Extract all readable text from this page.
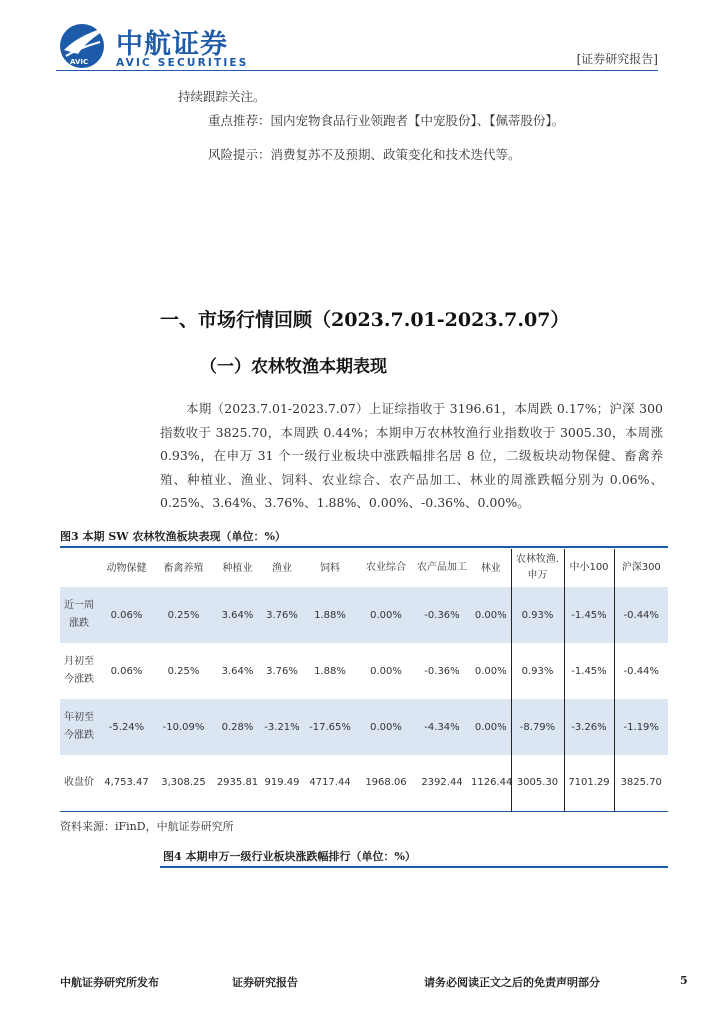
AVIC
中航证券
AVIC SECURITIES	[证券研究报告]
持续跟踪关注。
重点推荐：国内宠物食品行业领跑者【中宠股份】、【佩蒂股份】。
风险提示：消费复苏不及预期、政策变化和技术迭代等。
一、市场行情回顾（2023.7.01-2023.7.07）
（一）农林牧渔本期表现
本期（2023.7.01-2023.7.07）上证综指收于 3196.61，本周跌 0.17%；沪深 300 指数收于 3825.70，本周跌 0.44%；本期申万农林牧渔行业指数收于 3005.30，本周涨 0.93%，在申万 31 个一级行业板块中涨跌幅排名居 8 位，二级板块动物保健、畜禽养殖、种植业、渔业、饲料、农业综合、农产品加工、林业的周涨跌幅分别为 0.06%、0.25%、3.64%、3.76%、1.88%、0.00%、-0.36%、0.00%。
图3 本期 SW 农林牧渔板块表现（单位：%）
	动物保健	畜禽养殖	种植业	渔业	饲料	农业综合	农产品加工	林业	农林牧渔.申万	中小100	沪深300
近一周涨跌	0.06%	0.25%	3.64%	3.76%	1.88%	0.00%	-0.36%	0.00%	0.93%	-1.45%	-0.44%
月初至今涨跌	0.06%	0.25%	3.64%	3.76%	1.88%	0.00%	-0.36%	0.00%	0.93%	-1.45%	-0.44%
年初至今涨跌	-5.24%	-10.09%	0.28%	-3.21%	-17.65%	0.00%	-4.34%	0.00%	-8.79%	-3.26%	-1.19%
收盘价	4,753.47	3,308.25	2935.81	919.49	4717.44	1968.06	2392.44	1126.44	3005.30	7101.29	3825.70
资料来源：iFinD，中航证券研究所
图4 本期申万一级行业板块涨跌幅排行（单位：%）
中航证券研究所发布	证券研究报告	请务必阅读正文之后的免责声明部分	5
